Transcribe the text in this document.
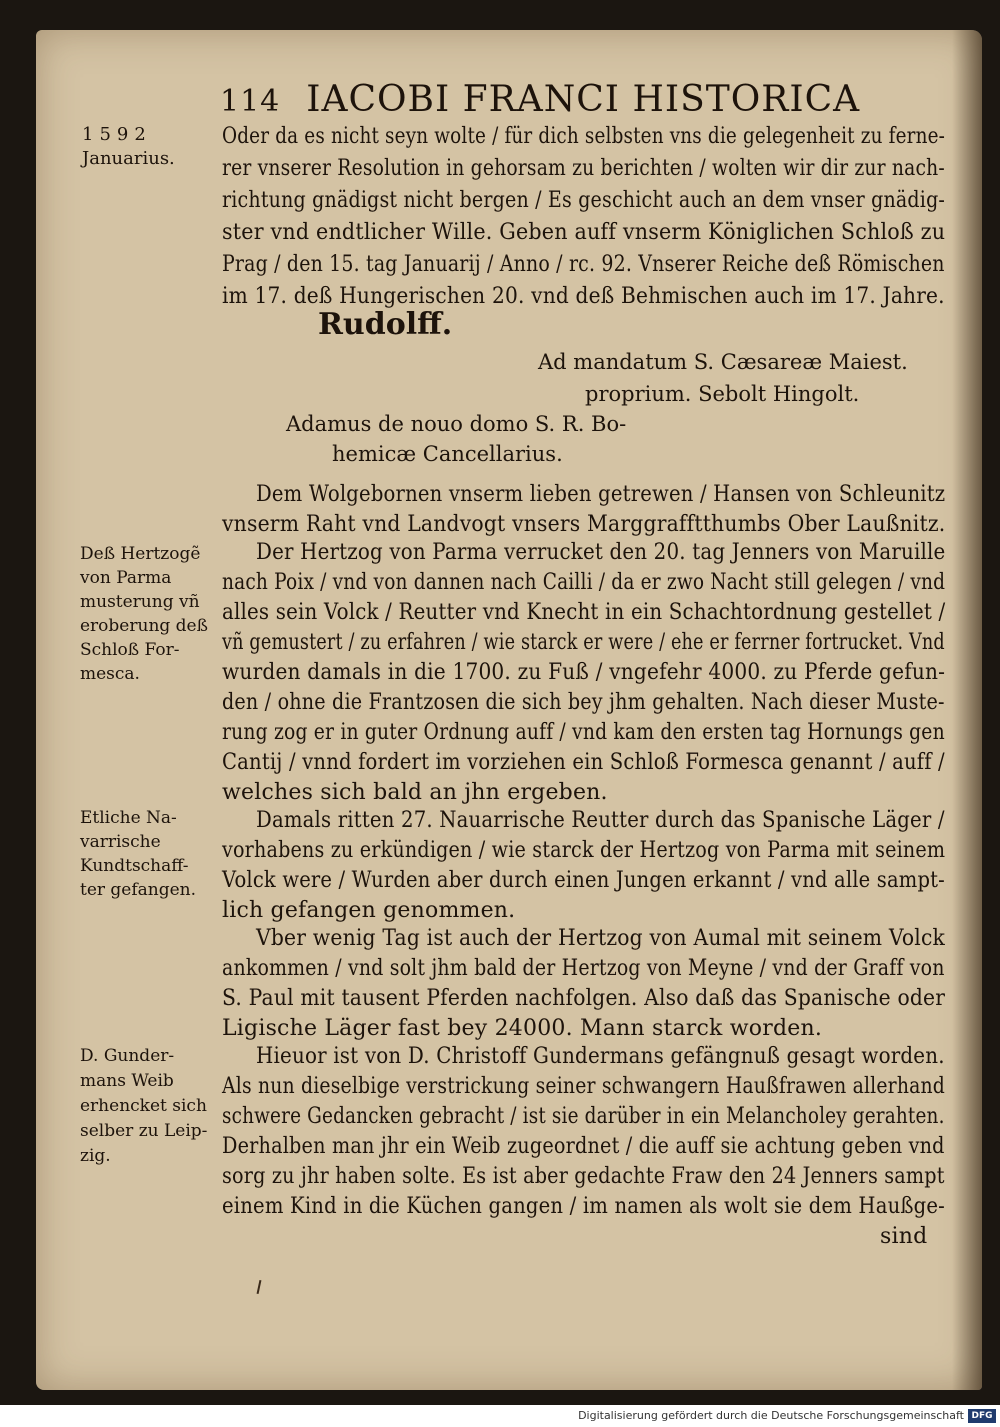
114 IACOBI FRANCI HISTORICA
1592
Januarius.
Oder da es nicht seyn wolte / für dich selbsten vns die gelegenheit zu ferne-
rer vnserer Resolution in gehorsam zu berichten / wolten wir dir zur nach-
richtung gnädigst nicht bergen / Es geschicht auch an dem vnser gnädig-
ster vnd endtlicher Wille. Geben auff vnserm Königlichen Schloß zu
Prag / den 15. tag Januarij / Anno / rc. 92. Vnserer Reiche deß Römischen
im 17. deß Hungerischen 20. vnd deß Behmischen auch im 17. Jahre.
Rudolff.
Ad mandatum S. Cæsareæ Maiest.
proprium. Sebolt Hingolt.
Adamus de nouo domo S. R. Bo-
hemicæ Cancellarius.
Dem Wolgebornen vnserm lieben getrewen / Hansen von Schleunitz
vnserm Raht vnd Landvogt vnsers Marggrafftthumbs Ober Laußnitz.
Deß Hertzogẽ
von Parma
musterung vñ
eroberung deß
Schloß For-
mesca.
Der Hertzog von Parma verrucket den 20. tag Jenners von Maruille
nach Poix / vnd von dannen nach Cailli / da er zwo Nacht still gelegen / vnd
alles sein Volck / Reutter vnd Knecht in ein Schachtordnung gestellet /
vñ gemustert / zu erfahren / wie starck er were / ehe er ferrner fortrucket. Vnd
wurden damals in die 1700. zu Fuß / vngefehr 4000. zu Pferde gefun-
den / ohne die Frantzosen die sich bey jhm gehalten. Nach dieser Muste-
rung zog er in guter Ordnung auff / vnd kam den ersten tag Hornungs gen
Cantij / vnnd fordert im vorziehen ein Schloß Formesca genannt / auff /
welches sich bald an jhn ergeben.
Etliche Na-
varrische
Kundtschaff-
ter gefangen.
Damals ritten 27. Nauarrische Reutter durch das Spanische Läger /
vorhabens zu erkündigen / wie starck der Hertzog von Parma mit seinem
Volck were / Wurden aber durch einen Jungen erkannt / vnd alle sampt-
lich gefangen genommen.
Vber wenig Tag ist auch der Hertzog von Aumal mit seinem Volck
ankommen / vnd solt jhm bald der Hertzog von Meyne / vnd der Graff von
S. Paul mit tausent Pferden nachfolgen. Also daß das Spanische oder
Ligische Läger fast bey 24000. Mann starck worden.
D. Gunder-
mans Weib
erhencket sich
selber zu Leip-
zig.
Hieuor ist von D. Christoff Gundermans gefängnuß gesagt worden.
Als nun dieselbige verstrickung seiner schwangern Haußfrawen allerhand
schwere Gedancken gebracht / ist sie darüber in ein Melancholey gerahten.
Derhalben man jhr ein Weib zugeordnet / die auff sie achtung geben vnd
sorg zu jhr haben solte. Es ist aber gedachte Fraw den 24 Jenners sampt
einem Kind in die Küchen gangen / im namen als wolt sie dem Haußge-
sind
Digitalisierung gefördert durch die Deutsche Forschungsgemeinschaft DFG
